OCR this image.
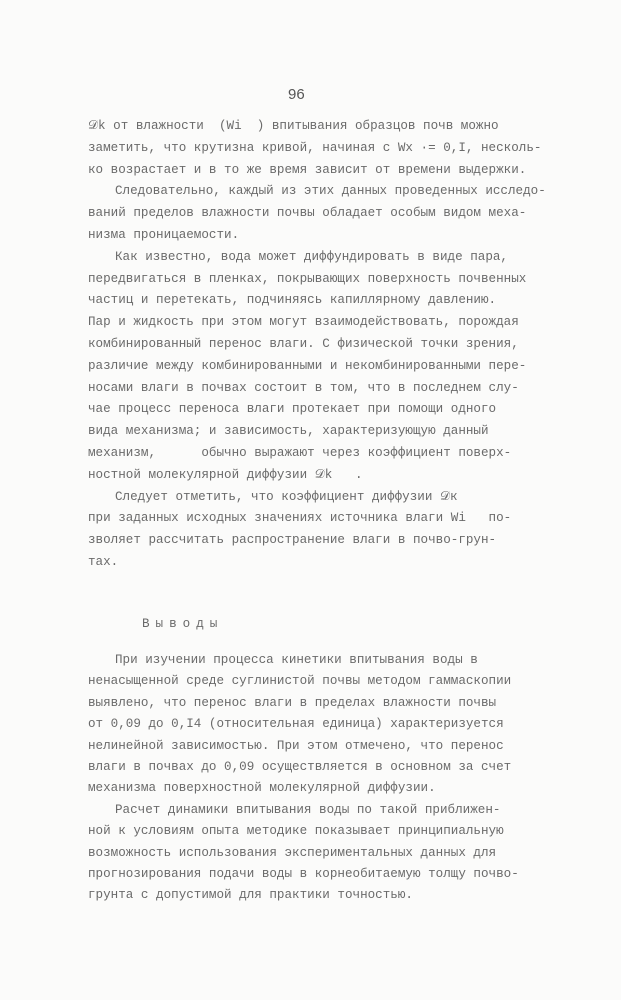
96
𝒟k от влажности  (Wi  ) впитывания образцов почв можно
заметить, что крутизна кривой, начиная с Wx ·= 0,I, несколь-
ко возрастает и в то же время зависит от времени выдержки.
Следовательно, каждый из этих данных проведенных исследо-
ваний пределов влажности почвы обладает особым видом меха-
низма проницаемости.
Как известно, вода может диффундировать в виде пара,
передвигаться в пленках, покрывающих поверхность почвенных
частиц и перетекать, подчиняясь капиллярному давлению.
Пар и жидкость при этом могут взаимодействовать, порождая
комбинированный перенос влаги. С физической точки зрения,
различие между комбинированными и некомбинированными пере-
носами влаги в почвах состоит в том, что в последнем слу-
чае процесс переноса влаги протекает при помощи одного
вида механизма; и зависимость, характеризующую данный
механизм,      обычно выражают через коэффициент поверх-
ностной молекулярной диффузии 𝒟k   .
Следует отметить, что коэффициент диффузии 𝒟к
при заданных исходных значениях источника влаги Wi   по-
зволяет рассчитать распространение влаги в почво-грун-
тах.
Выводы
При изучении процесса кинетики впитывания воды в
ненасыщенной среде суглинистой почвы методом гаммаскопии
выявлено, что перенос влаги в пределах влажности почвы
от 0,09 до 0,I4 (относительная единица) характеризуется
нелинейной зависимостью. При этом отмечено, что перенос
влаги в почвах до 0,09 осуществляется в основном за счет
механизма поверхностной молекулярной диффузии.
Расчет динамики впитывания воды по такой приближен-
ной к условиям опыта методике показывает принципиальную
возможность использования экспериментальных данных для
прогнозирования подачи воды в корнеобитаемую толщу почво-
грунта с допустимой для практики точностью.
